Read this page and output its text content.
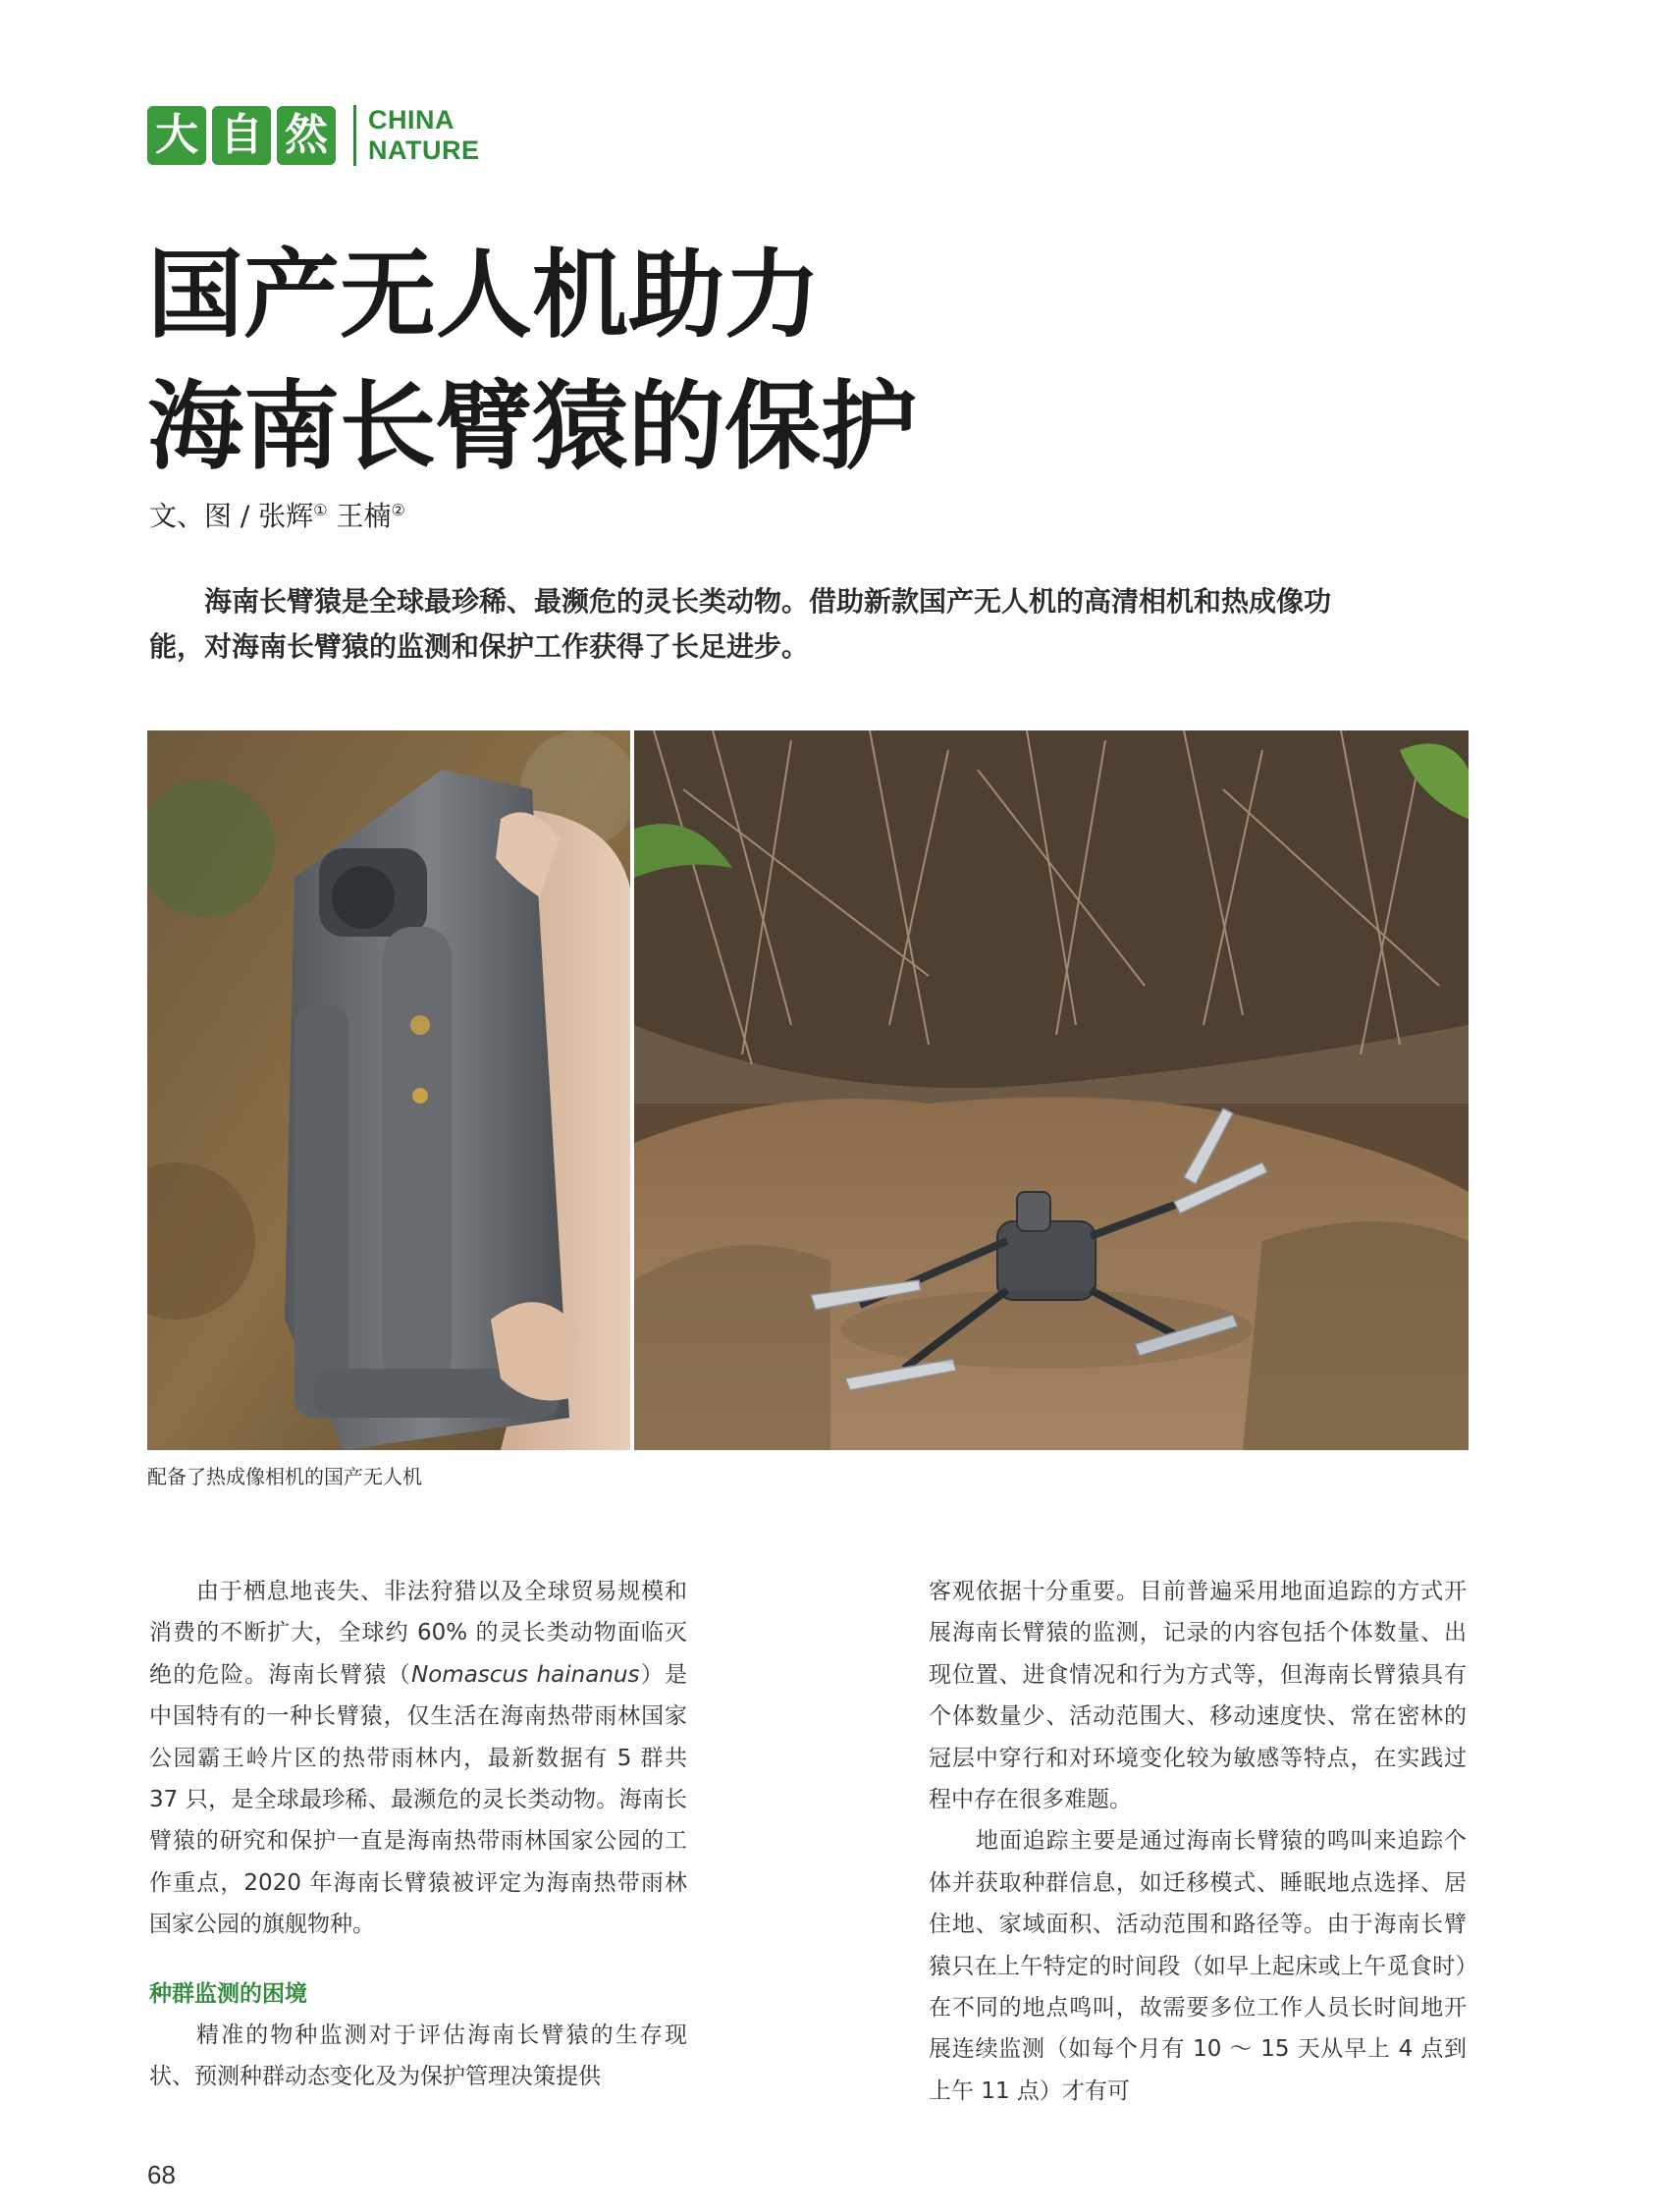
大 自 然 CHINA
NATURE
国产无人机助力
海南长臂猿的保护
文、图 / 张辉① 王楠②
海南长臂猿是全球最珍稀、最濒危的灵长类动物。借助新款国产无人机的高清相机和热成像功能，对海南长臂猿的监测和保护工作获得了长足进步。
配备了热成像相机的国产无人机

由于栖息地丧失、非法狩猎以及全球贸易规模和消费的不断扩大，全球约 60% 的灵长类动物面临灭绝的危险。海南长臂猿（Nomascus hainanus）是中国特有的一种长臂猿，仅生活在海南热带雨林国家公园霸王岭片区的热带雨林内，最新数据有 5 群共 37 只，是全球最珍稀、最濒危的灵长类动物。海南长臂猿的研究和保护一直是海南热带雨林国家公园的工作重点，2020 年海南长臂猿被评定为海南热带雨林国家公园的旗舰物种。

种群监测的困境

精准的物种监测对于评估海南长臂猿的生存现状、预测种群动态变化及为保护管理决策提供

客观依据十分重要。目前普遍采用地面追踪的方式开展海南长臂猿的监测，记录的内容包括个体数量、出现位置、进食情况和行为方式等，但海南长臂猿具有个体数量少、活动范围大、移动速度快、常在密林的冠层中穿行和对环境变化较为敏感等特点，在实践过程中存在很多难题。

地面追踪主要是通过海南长臂猿的鸣叫来追踪个体并获取种群信息，如迁移模式、睡眠地点选择、居住地、家域面积、活动范围和路径等。由于海南长臂猿只在上午特定的时间段（如早上起床或上午觅食时）在不同的地点鸣叫，故需要多位工作人员长时间地开展连续监测（如每个月有 10 ～ 15 天从早上 4 点到上午 11 点）才有可

68
